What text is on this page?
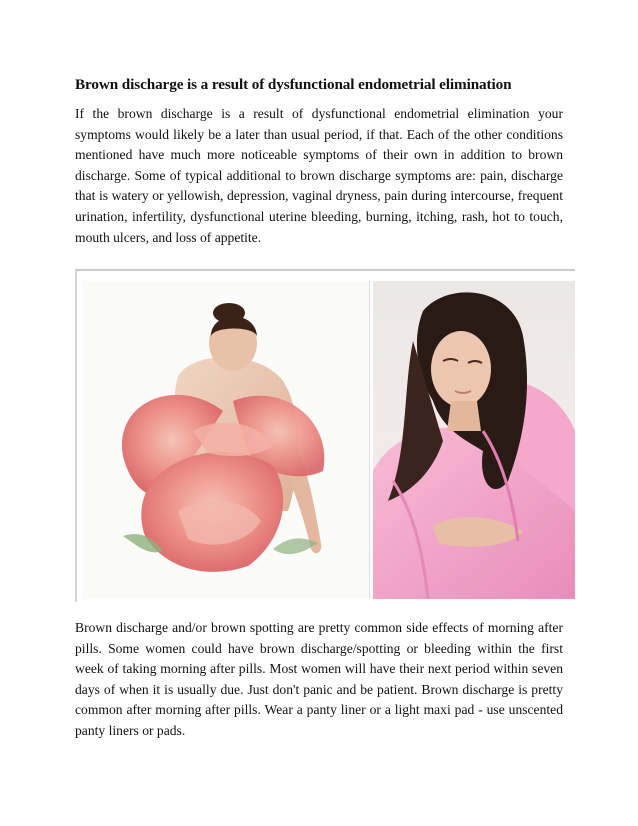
Brown discharge is a result of dysfunctional endometrial elimination

If the brown discharge is a result of dysfunctional endometrial elimination your symptoms would likely be a later than usual period, if that. Each of the other conditions mentioned have much more noticeable symptoms of their own in addition to brown discharge. Some of typical additional to brown discharge symptoms are: pain, discharge that is watery or yellowish, depression, vaginal dryness, pain during intercourse, frequent urination, infertility, dysfunctional uterine bleeding, burning, itching, rash, hot to touch, mouth ulcers, and loss of appetite.

Brown discharge and/or brown spotting are pretty common side effects of morning after pills. Some women could have brown discharge/spotting or bleeding within the first week of taking morning after pills. Most women will have their next period within seven days of when it is usually due. Just don't panic and be patient. Brown discharge is pretty common after morning after pills. Wear a panty liner or a light maxi pad - use unscented panty liners or pads.
